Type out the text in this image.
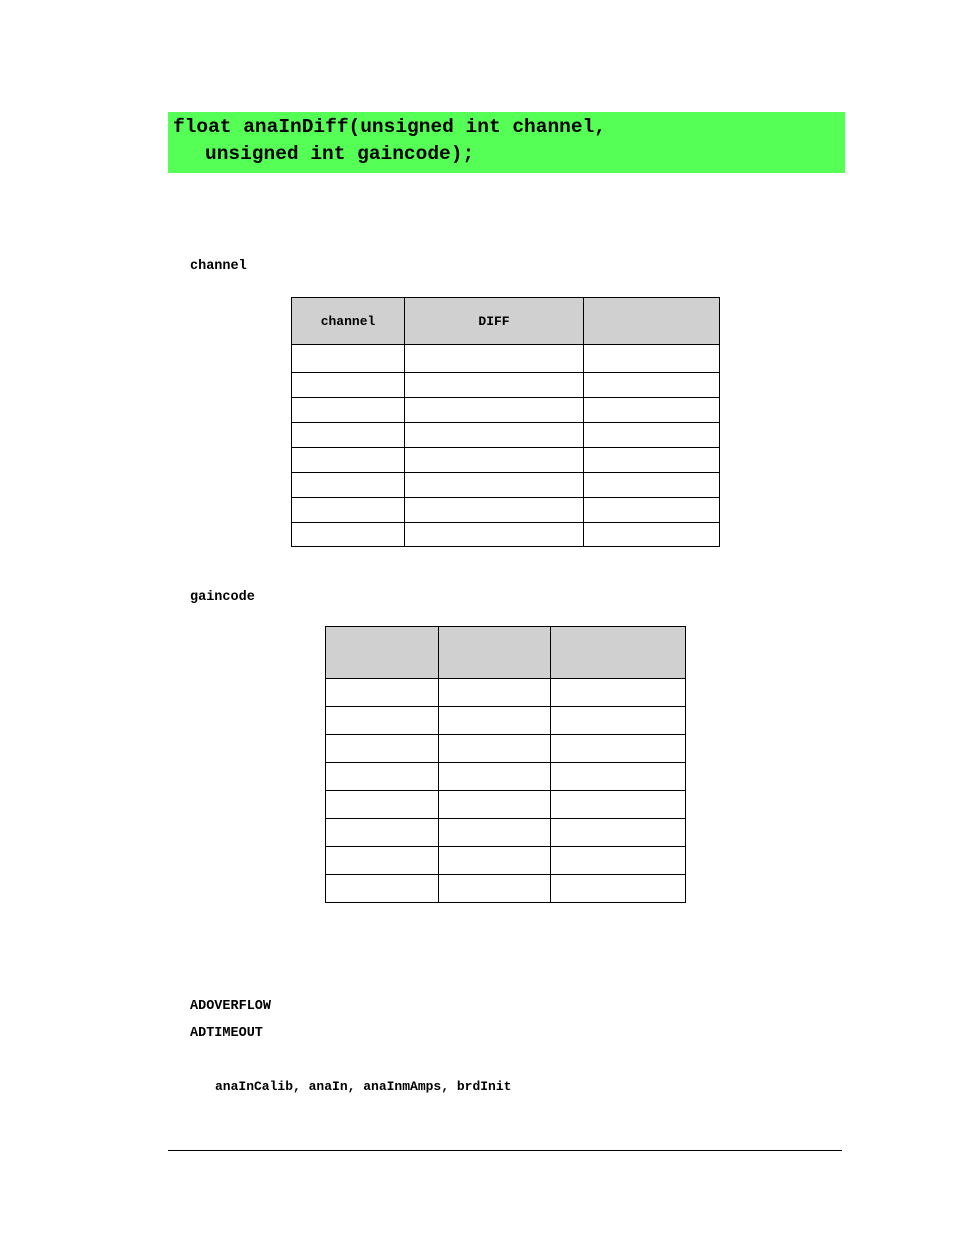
float anaInDiff(unsigned int channel,
unsigned int gaincode);
channel
channel	DIFF	

gaincode

ADOVERFLOW
ADTIMEOUT
anaInCalib, anaIn, anaInmAmps, brdInit
